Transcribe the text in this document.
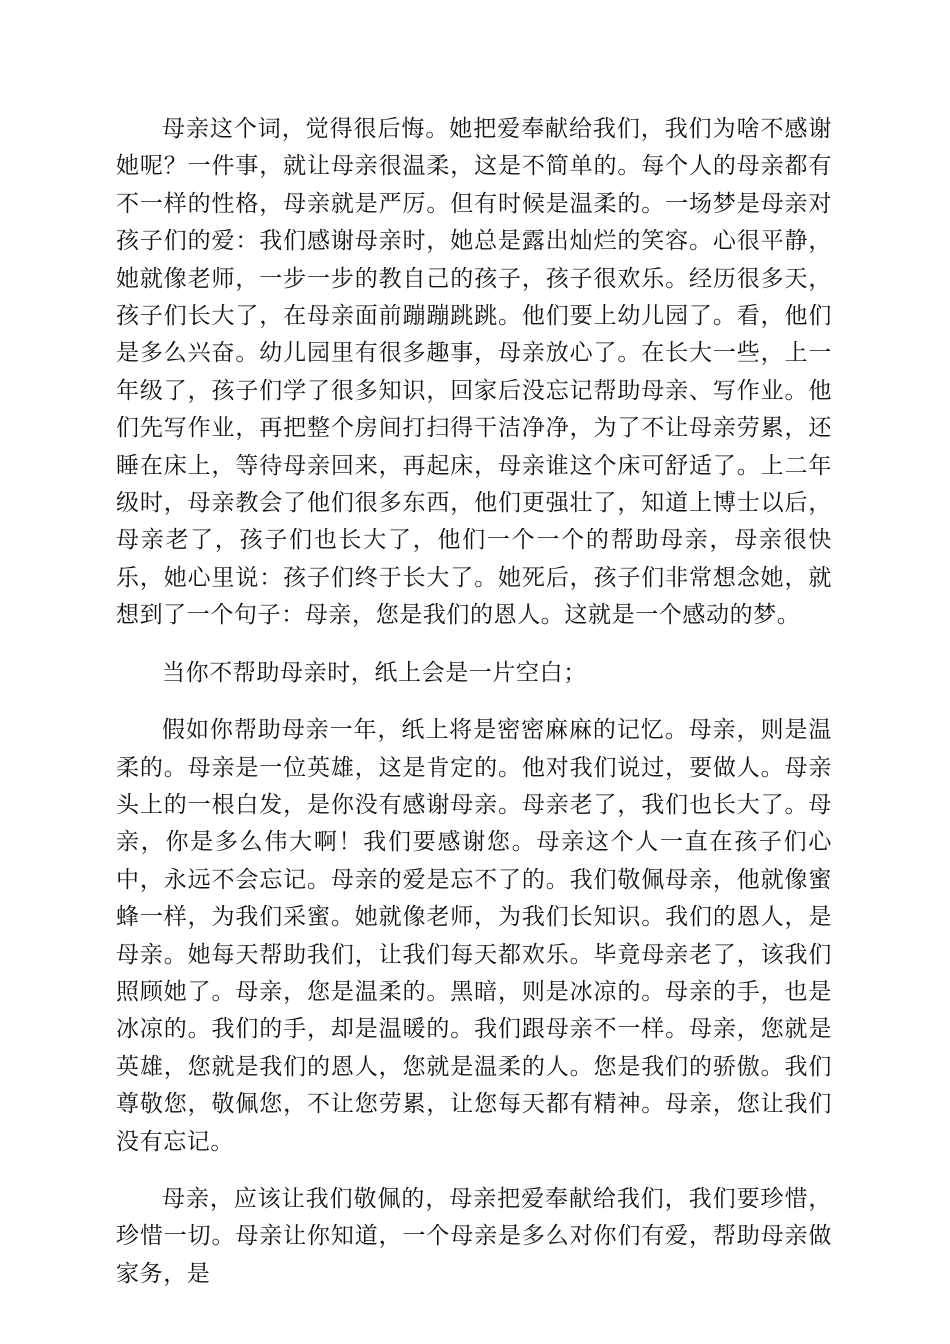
母亲这个词，觉得很后悔。她把爱奉献给我们，我们为啥不感谢她呢？一件事，就让母亲很温柔，这是不简单的。每个人的母亲都有不一样的性格，母亲就是严厉。但有时候是温柔的。一场梦是母亲对孩子们的爱：我们感谢母亲时，她总是露出灿烂的笑容。心很平静，她就像老师，一步一步的教自己的孩子，孩子很欢乐。经历很多天，孩子们长大了，在母亲面前蹦蹦跳跳。他们要上幼儿园了。看，他们是多么兴奋。幼儿园里有很多趣事，母亲放心了。在长大一些，上一年级了，孩子们学了很多知识，回家后没忘记帮助母亲、写作业。他们先写作业，再把整个房间打扫得干洁净净，为了不让母亲劳累，还睡在床上，等待母亲回来，再起床，母亲谁这个床可舒适了。上二年级时，母亲教会了他们很多东西，他们更强壮了，知道上博士以后，母亲老了，孩子们也长大了，他们一个一个的帮助母亲，母亲很快乐，她心里说：孩子们终于长大了。她死后，孩子们非常想念她，就想到了一个句子：母亲，您是我们的恩人。这就是一个感动的梦。

当你不帮助母亲时，纸上会是一片空白；

假如你帮助母亲一年，纸上将是密密麻麻的记忆。母亲，则是温柔的。母亲是一位英雄，这是肯定的。他对我们说过，要做人。母亲头上的一根白发，是你没有感谢母亲。母亲老了，我们也长大了。母亲，你是多么伟大啊！我们要感谢您。母亲这个人一直在孩子们心中，永远不会忘记。母亲的爱是忘不了的。我们敬佩母亲，他就像蜜蜂一样，为我们采蜜。她就像老师，为我们长知识。我们的恩人，是母亲。她每天帮助我们，让我们每天都欢乐。毕竟母亲老了，该我们照顾她了。母亲，您是温柔的。黑暗，则是冰凉的。母亲的手，也是冰凉的。我们的手，却是温暖的。我们跟母亲不一样。母亲，您就是英雄，您就是我们的恩人，您就是温柔的人。您是我们的骄傲。我们尊敬您，敬佩您，不让您劳累，让您每天都有精神。母亲，您让我们没有忘记。

母亲，应该让我们敬佩的，母亲把爱奉献给我们，我们要珍惜，珍惜一切。母亲让你知道，一个母亲是多么对你们有爱，帮助母亲做家务，是
